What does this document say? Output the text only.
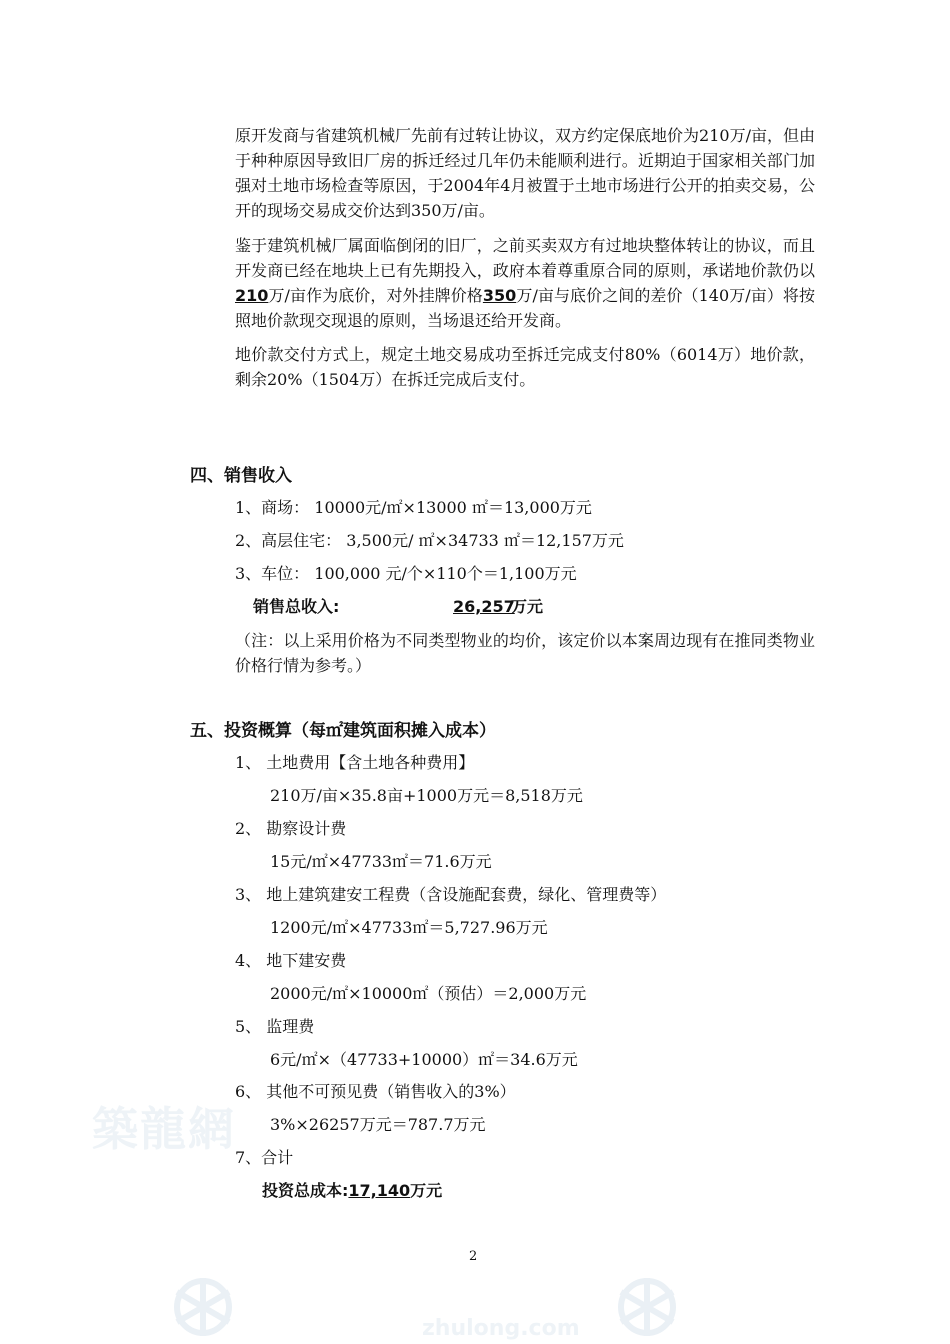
築龍網
zhulong.com

原开发商与省建筑机械厂先前有过转让协议，双方约定保底地价为210万/亩，但由于种种原因导致旧厂房的拆迁经过几年仍未能顺利进行。近期迫于国家相关部门加强对土地市场检查等原因，于2004年4月被置于土地市场进行公开的拍卖交易，公开的现场交易成交价达到350万/亩。

鉴于建筑机械厂属面临倒闭的旧厂，之前买卖双方有过地块整体转让的协议，而且开发商已经在地块上已有先期投入，政府本着尊重原合同的原则，承诺地价款仍以210万/亩作为底价，对外挂牌价格350万/亩与底价之间的差价（140万/亩）将按照地价款现交现退的原则，当场退还给开发商。

地价款交付方式上，规定土地交易成功至拆迁完成支付80%（6014万）地价款，剩余20%（1504万）在拆迁完成后支付。

四、销售收入
1、商场： 10000元/㎡×13000 ㎡＝13,000万元
2、高层住宅： 3,500元/ ㎡×34733 ㎡＝12,157万元
3、车位： 100,000 元/个×110个＝1,100万元
销售总收入:	26,257
万元

（注：以上采用价格为不同类型物业的均价，该定价以本案周边现有在推同类物业价格行情为参考。）

五、投资概算（每㎡建筑面积摊入成本）
1、 土地费用【含土地各种费用】
210万/亩×35.8亩+1000万元＝8,518万元
2、 勘察设计费
15元/㎡×47733㎡＝71.6万元
3、 地上建筑建安工程费（含设施配套费，绿化、管理费等）
1200元/㎡×47733㎡＝5,727.96万元
4、 地下建安费
2000元/㎡×10000㎡（预估）＝2,000万元
5、 监理费
6元/㎡×（47733+10000）㎡＝34.6万元
6、 其他不可预见费（销售收入的3%）
3%×26257万元＝787.7万元
7、合计
投资总成本:17,140万元
2
